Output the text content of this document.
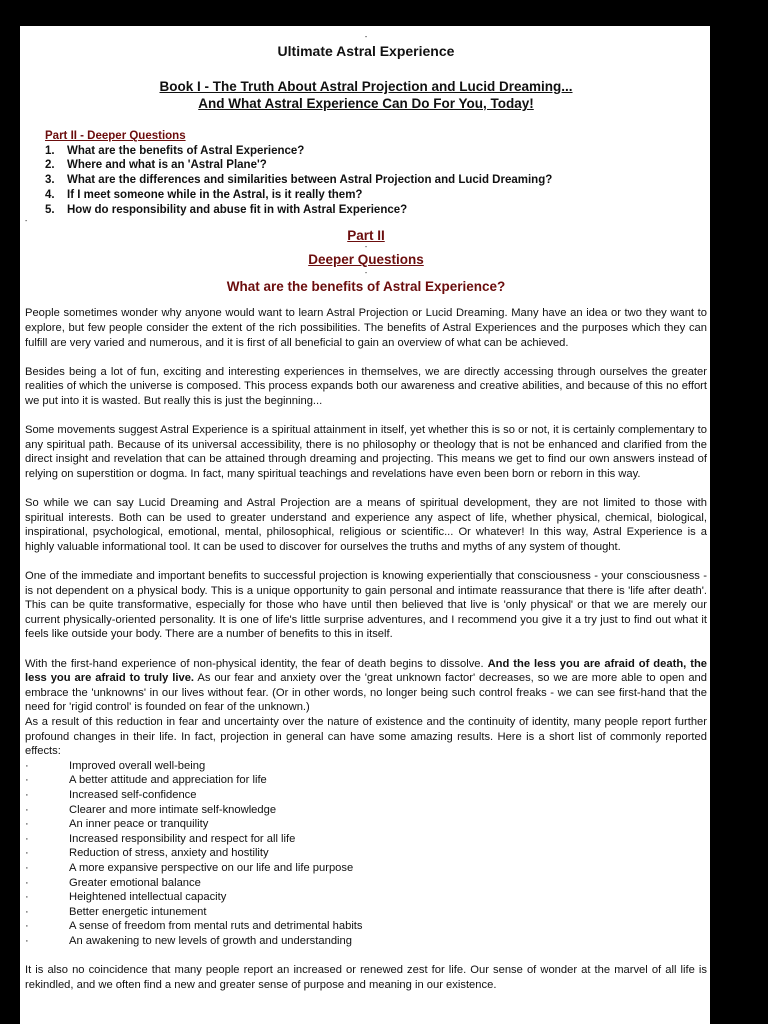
-
Ultimate Astral Experience
Book I - The Truth About Astral Projection and Lucid Dreaming...
And What Astral Experience Can Do For You, Today!
Part II - Deeper Questions
1. What are the benefits of Astral Experience?
2. Where and what is an 'Astral Plane'?
3. What are the differences and similarities between Astral Projection and Lucid Dreaming?
4. If I meet someone while in the Astral, is it really them?
5. How do responsibility and abuse fit in with Astral Experience?
-
Part II
-
Deeper Questions
-
What are the benefits of Astral Experience?

People sometimes wonder why anyone would want to learn Astral Projection or Lucid Dreaming. Many have an idea or two they want to explore, but few people consider the extent of the rich possibilities. The benefits of Astral Experiences and the purposes which they can fulfill are very varied and numerous, and it is first of all beneficial to gain an overview of what can be achieved.

Besides being a lot of fun, exciting and interesting experiences in themselves, we are directly accessing through ourselves the greater realities of which the universe is composed. This process expands both our awareness and creative abilities, and because of this no effort we put into it is wasted. But really this is just the beginning...

Some movements suggest Astral Experience is a spiritual attainment in itself, yet whether this is so or not, it is certainly complementary to any spiritual path. Because of its universal accessibility, there is no philosophy or theology that is not be enhanced and clarified from the direct insight and revelation that can be attained through dreaming and projecting. This means we get to find our own answers instead of relying on superstition or dogma. In fact, many spiritual teachings and revelations have even been born or reborn in this way.

So while we can say Lucid Dreaming and Astral Projection are a means of spiritual development, they are not limited to those with spiritual interests. Both can be used to greater understand and experience any aspect of life, whether physical, chemical, biological, inspirational, psychological, emotional, mental, philosophical, religious or scientific... Or whatever! In this way, Astral Experience is a highly valuable informational tool. It can be used to discover for ourselves the truths and myths of any system of thought.

One of the immediate and important benefits to successful projection is knowing experientially that consciousness - your consciousness - is not dependent on a physical body. This is a unique opportunity to gain personal and intimate reassurance that there is 'life after death'. This can be quite transformative, especially for those who have until then believed that live is 'only physical' or that we are merely our current physically-oriented personality. It is one of life's little surprise adventures, and I recommend you give it a try just to find out what it feels like outside your body. There are a number of benefits to this in itself.

With the first-hand experience of non-physical identity, the fear of death begins to dissolve. And the less you are afraid of death, the less you are afraid to truly live. As our fear and anxiety over the 'great unknown factor' decreases, so we are more able to open and embrace the 'unknowns' in our lives without fear. (Or in other words, no longer being such control freaks - we can see first-hand that the need for 'rigid control' is founded on fear of the unknown.)

As a result of this reduction in fear and uncertainty over the nature of existence and the continuity of identity, many people report further profound changes in their life. In fact, projection in general can have some amazing results. Here is a short list of commonly reported effects:

·	Improved overall well-being
·	A better attitude and appreciation for life
·	Increased self-confidence
·	Clearer and more intimate self-knowledge
·	An inner peace or tranquility
·	Increased responsibility and respect for all life
·	Reduction of stress, anxiety and hostility
·	A more expansive perspective on our life and life purpose
·	Greater emotional balance
·	Heightened intellectual capacity
·	Better energetic intunement
·	A sense of freedom from mental ruts and detrimental habits
·	An awakening to new levels of growth and understanding

It is also no coincidence that many people report an increased or renewed zest for life. Our sense of wonder at the marvel of all life is rekindled, and we often find a new and greater sense of purpose and meaning in our existence.
